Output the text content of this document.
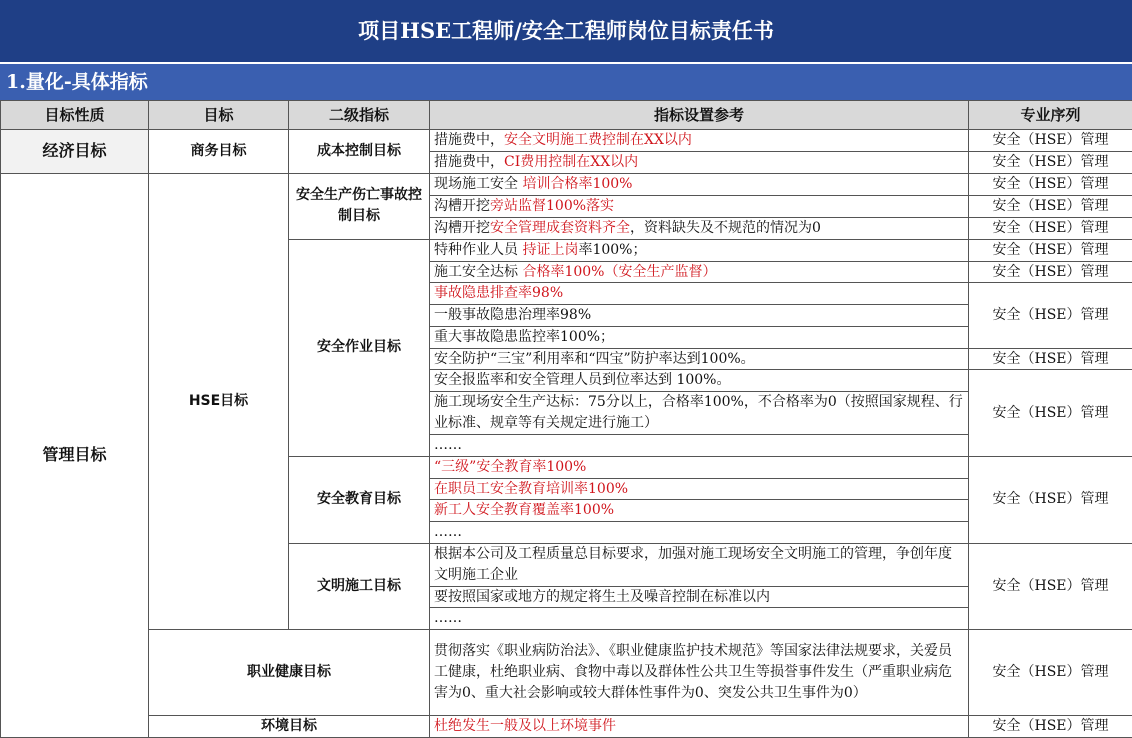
项目HSE工程师/安全工程师岗位目标责任书
1.量化-具体指标
目标性质	目标	二级指标	指标设置参考	专业序列
经济目标	商务目标	成本控制目标	措施费中，安全文明施工费控制在XX以内	安全（HSE）管理
			措施费中，CI费用控制在XX以内	安全（HSE）管理
管理目标	HSE目标	安全生产伤亡事故控制目标	现场施工安全 培训合格率100%	安全（HSE）管理
			沟槽开挖旁站监督100%落实	安全（HSE）管理
			沟槽开挖安全管理成套资料齐全，资料缺失及不规范的情况为0	安全（HSE）管理
		安全作业目标	特种作业人员 持证上岗率100%；	安全（HSE）管理
			施工安全达标 合格率100%（安全生产监督）	安全（HSE）管理
			事故隐患排查率98%	安全（HSE）管理
			一般事故隐患治理率98%	
			重大事故隐患监控率100%；	
			安全防护“三宝”利用率和“四宝”防护率达到100%。	安全（HSE）管理
			安全报监率和安全管理人员到位率达到 100%。	安全（HSE）管理
			施工现场安全生产达标：75分以上，合格率100%，不合格率为0（按照国家规程、行业标准、规章等有关规定进行施工）	
			……	
		安全教育目标	“三级”安全教育率100%	安全（HSE）管理
			在职员工安全教育培训率100%	
			新工人安全教育覆盖率100%	
			……	
		文明施工目标	根据本公司及工程质量总目标要求，加强对施工现场安全文明施工的管理，争创年度文明施工企业	安全（HSE）管理
			要按照国家或地方的规定将生土及噪音控制在标准以内	
			……	

	职业健康目标		贯彻落实《职业病防治法》、《职业健康监护技术规范》等国家法律法规要求，关爱员工健康，杜绝职业病、食物中毒以及群体性公共卫生等损誉事件发生（严重职业病危害为0、重大社会影响或较大群体性事件为0、突发公共卫生事件为0）	安全（HSE）管理
	环境目标		杜绝发生一般及以上环境事件	安全（HSE）管理
